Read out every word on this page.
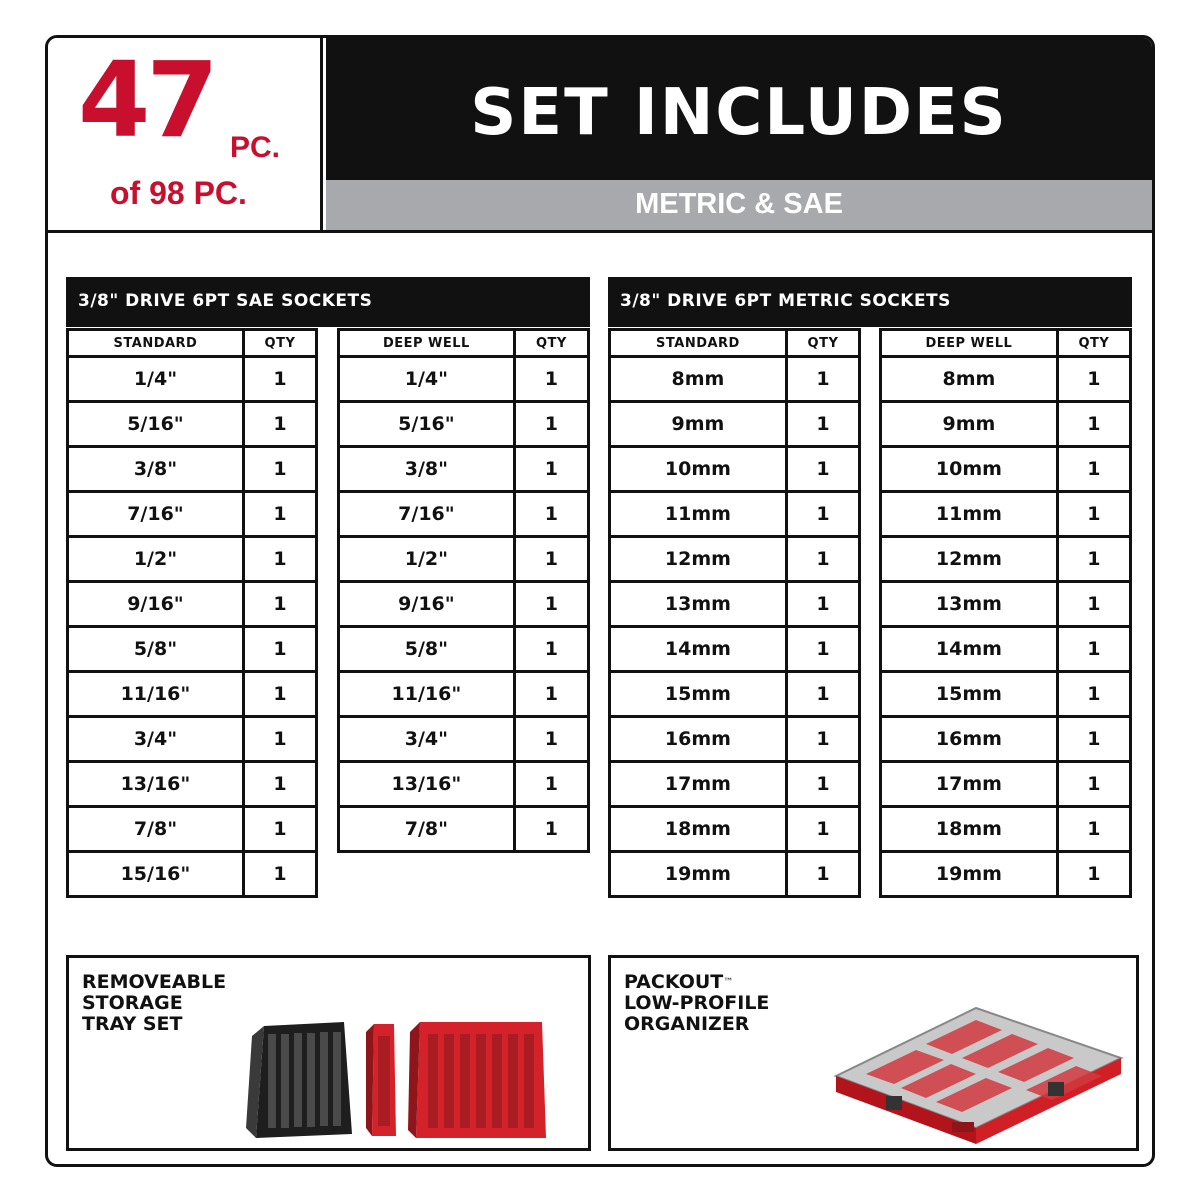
47 PC.
of 98 PC.
SET INCLUDES
METRIC & SAE
3/8" DRIVE 6PT SAE SOCKETS
STANDARD	QTY
1/4"	1
5/16"	1
3/8"	1
7/16"	1
1/2"	1
9/16"	1
5/8"	1
11/16"	1
3/4"	1
13/16"	1
7/8"	1
15/16"	1
DEEP WELL	QTY
1/4"	1
5/16"	1
3/8"	1
7/16"	1
1/2"	1
9/16"	1
5/8"	1
11/16"	1
3/4"	1
13/16"	1
7/8"	1
3/8" DRIVE 6PT METRIC SOCKETS
STANDARD	QTY
8mm	1
9mm	1
10mm	1
11mm	1
12mm	1
13mm	1
14mm	1
15mm	1
16mm	1
17mm	1
18mm	1
19mm	1
DEEP WELL	QTY
8mm	1
9mm	1
10mm	1
11mm	1
12mm	1
13mm	1
14mm	1
15mm	1
16mm	1
17mm	1
18mm	1
19mm	1
REMOVEABLE
STORAGE
TRAY SET
PACKOUT™
LOW-PROFILE
ORGANIZER
